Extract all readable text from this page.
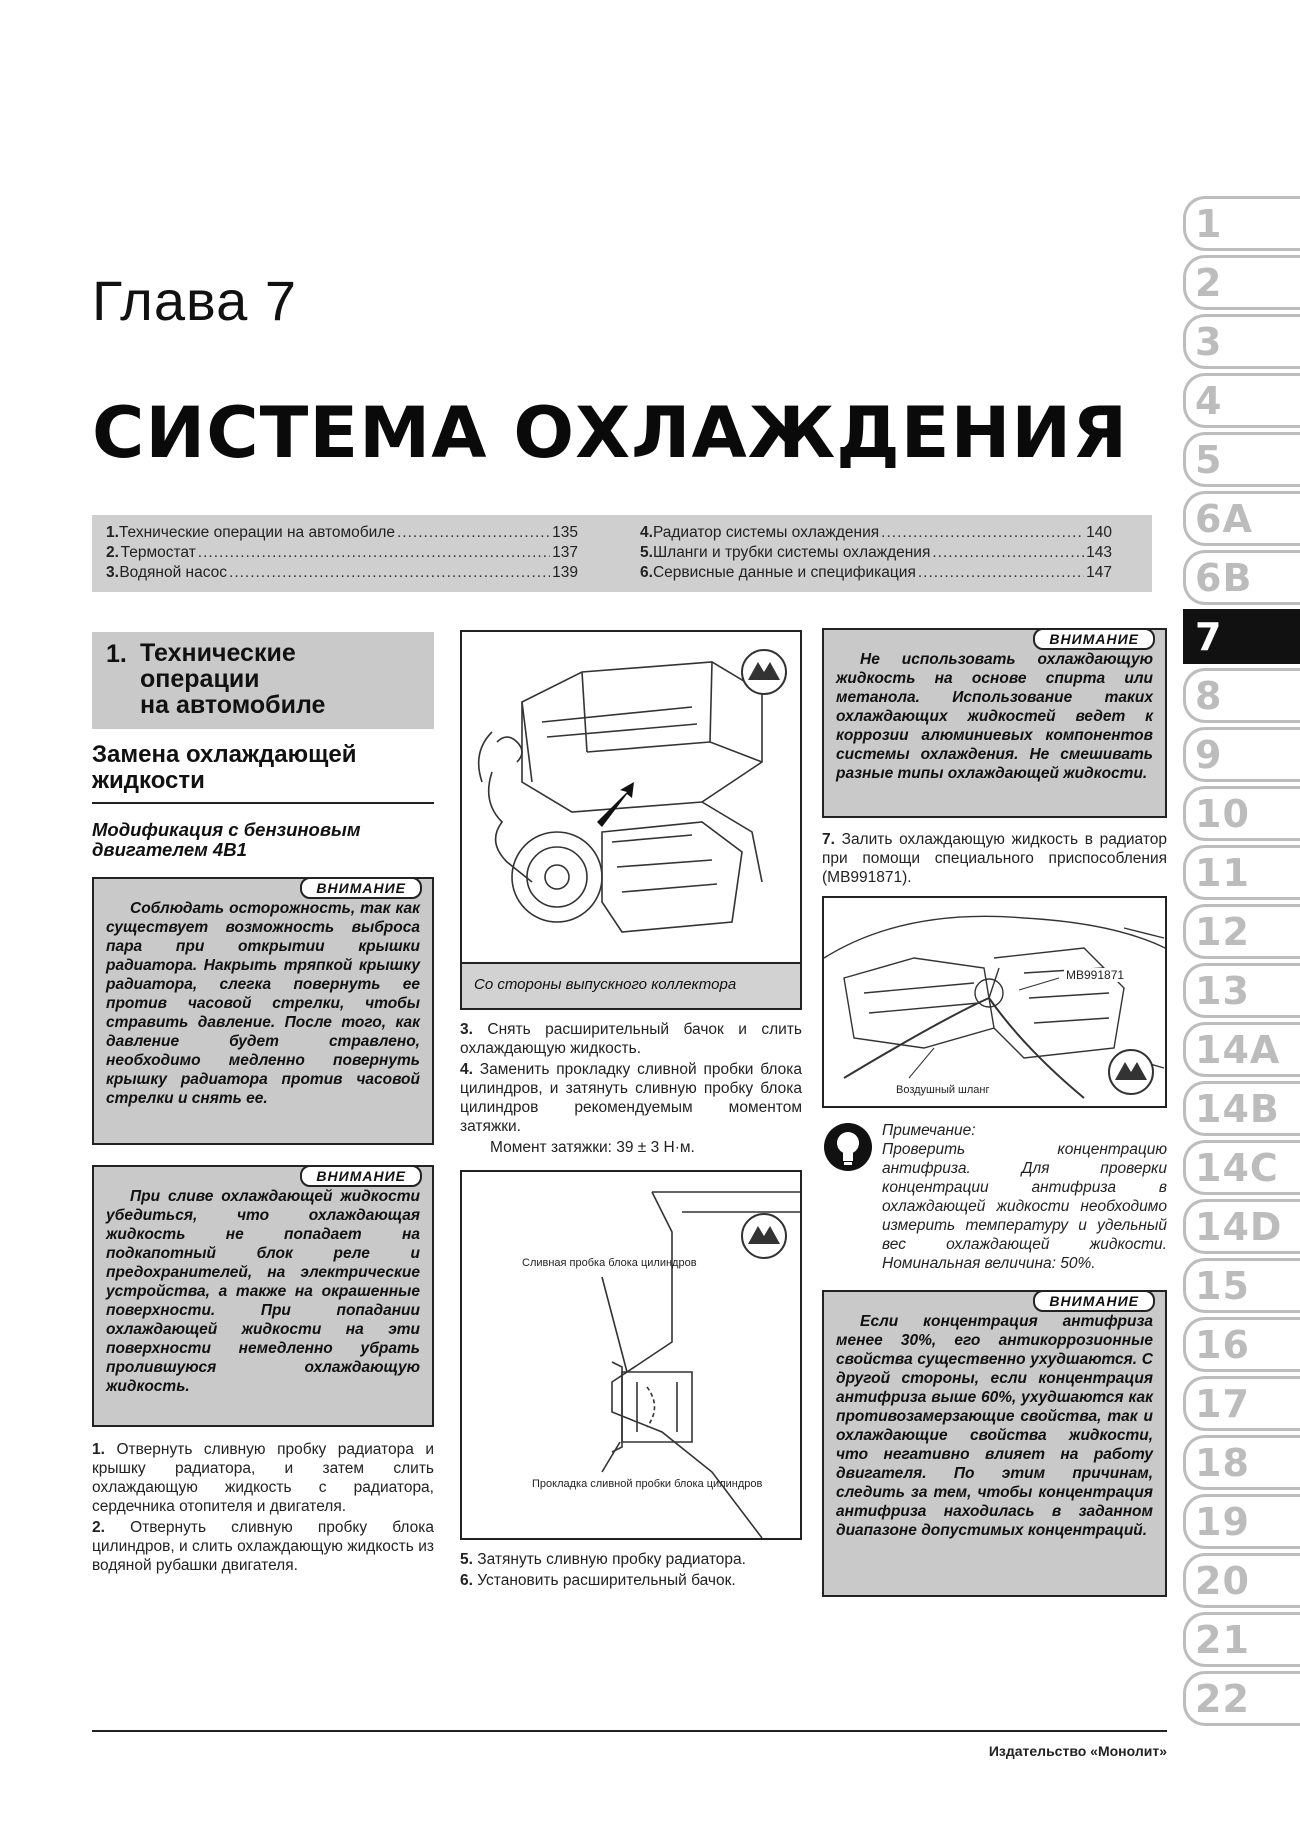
Глава 7
СИСТЕМА ОХЛАЖДЕНИЯ
1. Технические операции на автомобиле .....	135
2. Термостат .....	137
3. Водяной насос .....	139
4. Радиатор системы охлаждения .....	140
5. Шланги и трубки системы охлаждения .....	143
6. Сервисные данные и спецификация .....	147
1
2
3
4
5
6A
6B
7
8
9
10
11
12
13
14A
14B
14C
14D
15
16
17
18
19
20
21
22
1. Технические
операции
на автомобиле
Замена охлаждающей
жидкости
Модификация с бензиновым
двигателем 4B1
ВНИМАНИЕ

Соблюдать осторожность, так как существует возможность выброса пара при открытии крышки радиатора. Накрыть тряпкой крышку радиатора, слегка повернуть ее против часовой стрелки, чтобы стравить давление. После того, как давление будет стравлено, необходимо медленно повернуть крышку радиатора против часовой стрелки и снять ее.

ВНИМАНИЕ

При сливе охлаждающей жидкости убедиться, что охлаждающая жидкость не попадает на подкапотный блок реле и предохранителей, на электрические устройства, а также на окрашенные поверхности. При попадании охлаждающей жидкости на эти поверхности немедленно убрать пролившуюся охлаждающую жидкость.

1. Отвернуть сливную пробку радиатора и крышку радиатора, и затем слить охлаждающую жидкость с радиатора, сердечника отопителя и двигателя.

2. Отвернуть сливную пробку блока цилиндров, и слить охлаждающую жидкость из водяной рубашки двигателя.

Со стороны выпускного коллектора

3. Снять расширительный бачок и слить охлаждающую жидкость.

4. Заменить прокладку сливной пробки блока цилиндров, и затянуть сливную пробку блока цилиндров рекомендуемым моментом затяжки.

Момент затяжки: 39 ± 3 Н·м.

Сливная пробка блока цилиндров
Прокладка сливной пробки блока цилиндров

5. Затянуть сливную пробку радиатора.

6. Установить расширительный бачок.

ВНИМАНИЕ

Не использовать охлаждающую жидкость на основе спирта или метанола. Использование таких охлаждающих жидкостей ведет к коррозии алюминиевых компонентов системы охлаждения. Не смешивать разные типы охлаждающей жидкости.

7. Залить охлаждающую жидкость в радиатор при помощи специального приспособления (MB991871).

MB991871
Воздушный шланг

Примечание:

Проверить концентрацию антифриза. Для проверки концентрации антифриза в охлаждающей жидкости необходимо измерить температуру и удельный вес охлаждающей жидкости. Номинальная величина: 50%.

ВНИМАНИЕ

Если концентрация антифриза менее 30%, его антикоррозионные свойства существенно ухудшаются. С другой стороны, если концентрация антифриза выше 60%, ухудшаются как противозамерзающие свойства, так и охлаждающие свойства жидкости, что негативно влияет на работу двигателя. По этим причинам, следить за тем, чтобы концентрация антифриза находилась в заданном диапазоне допустимых концентраций.

Издательство «Монолит»
